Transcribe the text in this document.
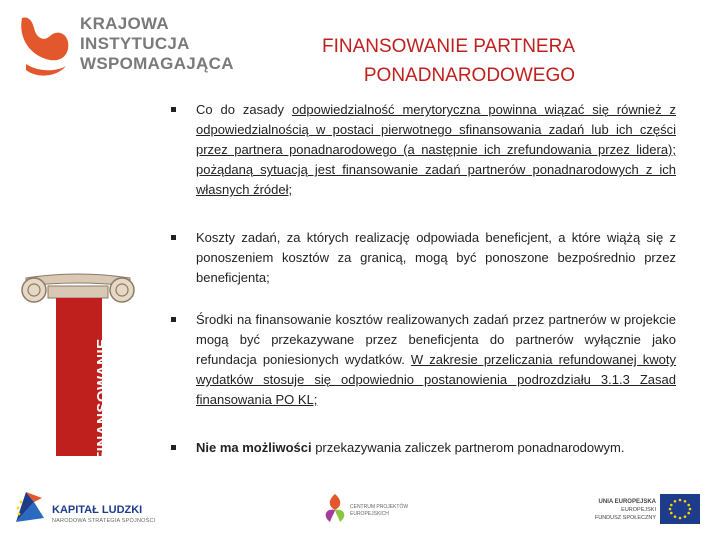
KRAJOWA
INSTYTUCJA
WSPOMAGAJĄCA
FINANSOWANIE PARTNERA
PONADNARODOWEGO
FINANSOWANIE
Co do zasady odpowiedzialność merytoryczna powinna wiązać się również z odpowiedzialnością w postaci pierwotnego sfinansowania zadań lub ich części przez partnera ponadnarodowego (a następnie ich zrefundowania przez lidera); pożądaną sytuacją jest finansowanie zadań partnerów ponadnarodowych z ich własnych źródeł;
Koszty zadań, za których realizację odpowiada beneficjent, a które wiążą się z ponoszeniem kosztów za granicą, mogą być ponoszone bezpośrednio przez beneficjenta;
Środki na finansowanie kosztów realizowanych zadań przez partnerów w projekcie mogą być przekazywane przez beneficjenta do partnerów wyłącznie jako refundacja poniesionych wydatków. W zakresie przeliczania refundowanej kwoty wydatków stosuje się odpowiednio postanowienia podrozdziału 3.1.3 Zasad finansowania PO KL;
Nie ma możliwości przekazywania zaliczek partnerom ponadnarodowym.
KAPITAŁ LUDZKI
NARODOWA STRATEGIA SPÓJNOŚCI
CENTRUM PROJEKTÓW
EUROPEJSKICH
UNIA EUROPEJSKA
EUROPEJSKI
FUNDUSZ SPOŁECZNY
